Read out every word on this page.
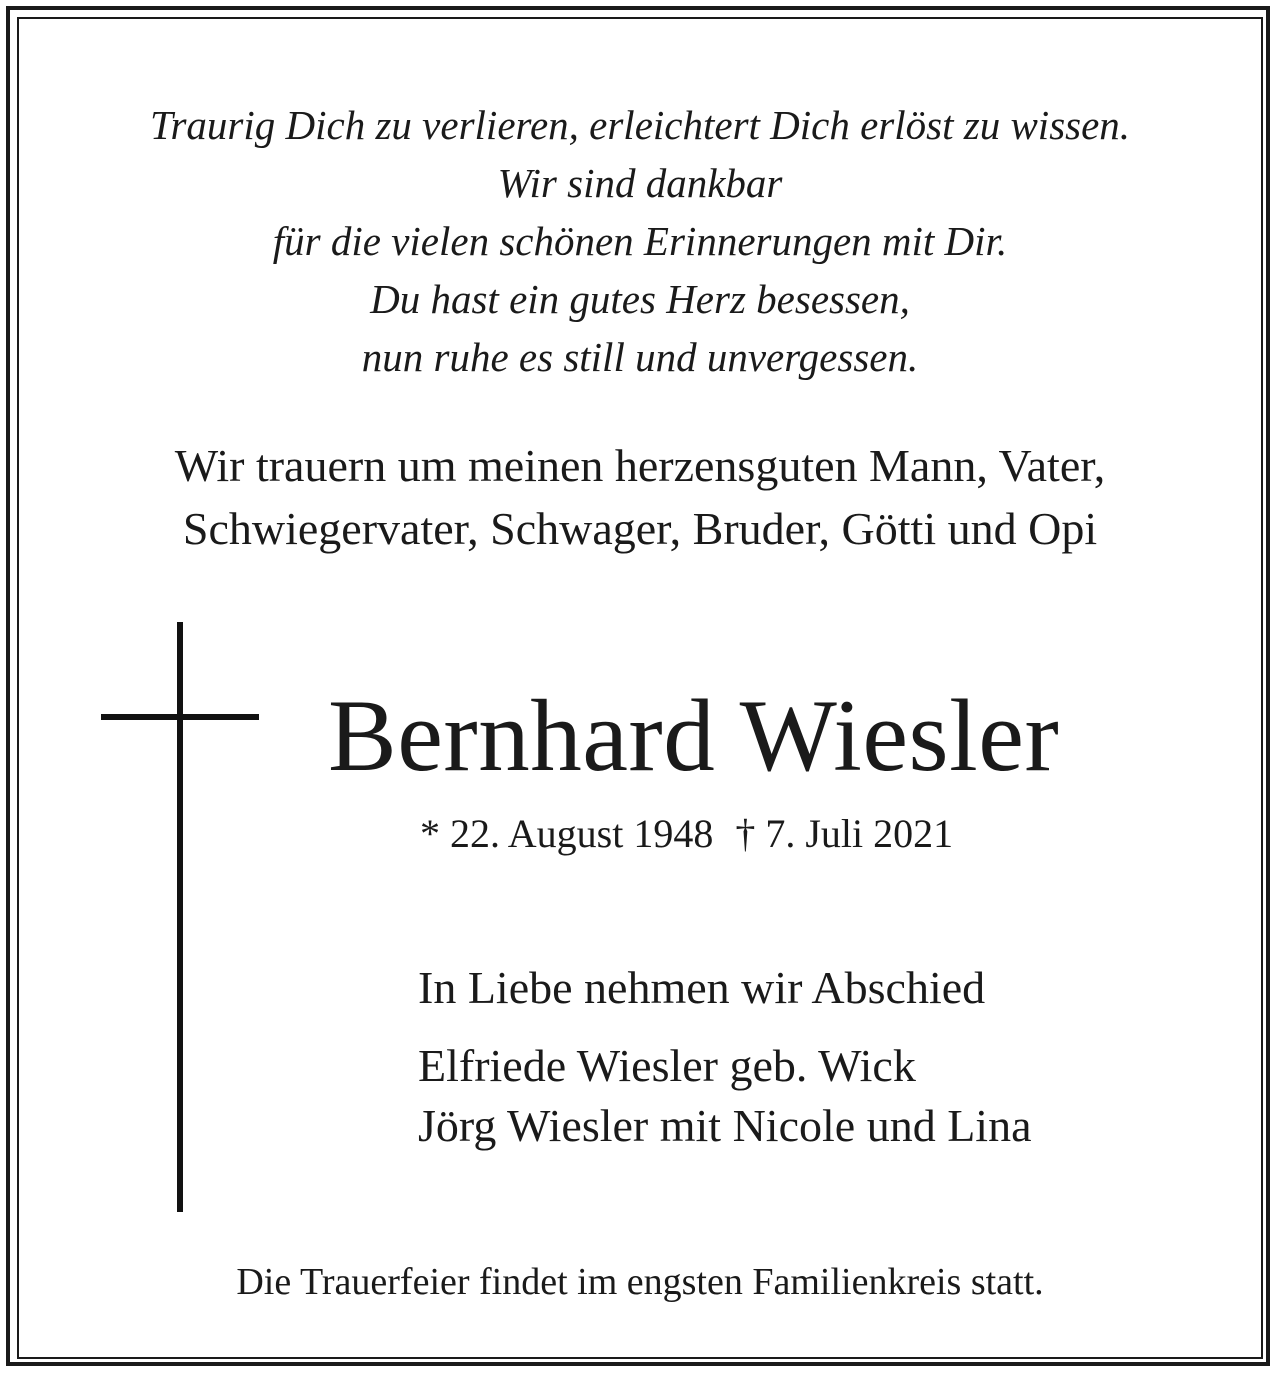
Traurig Dich zu verlieren, erleichtert Dich erlöst zu wissen.
Wir sind dankbar
für die vielen schönen Erinnerungen mit Dir.
Du hast ein gutes Herz besessen,
nun ruhe es still und unvergessen.
Wir trauern um meinen herzensguten Mann, Vater,
Schwiegervater, Schwager, Bruder, Götti und Opi
Bernhard Wiesler
* 22. August 1948 † 7. Juli 2021
In Liebe nehmen wir Abschied
Elfriede Wiesler geb. Wick
Jörg Wiesler mit Nicole und Lina
Die Trauerfeier findet im engsten Familienkreis statt.
